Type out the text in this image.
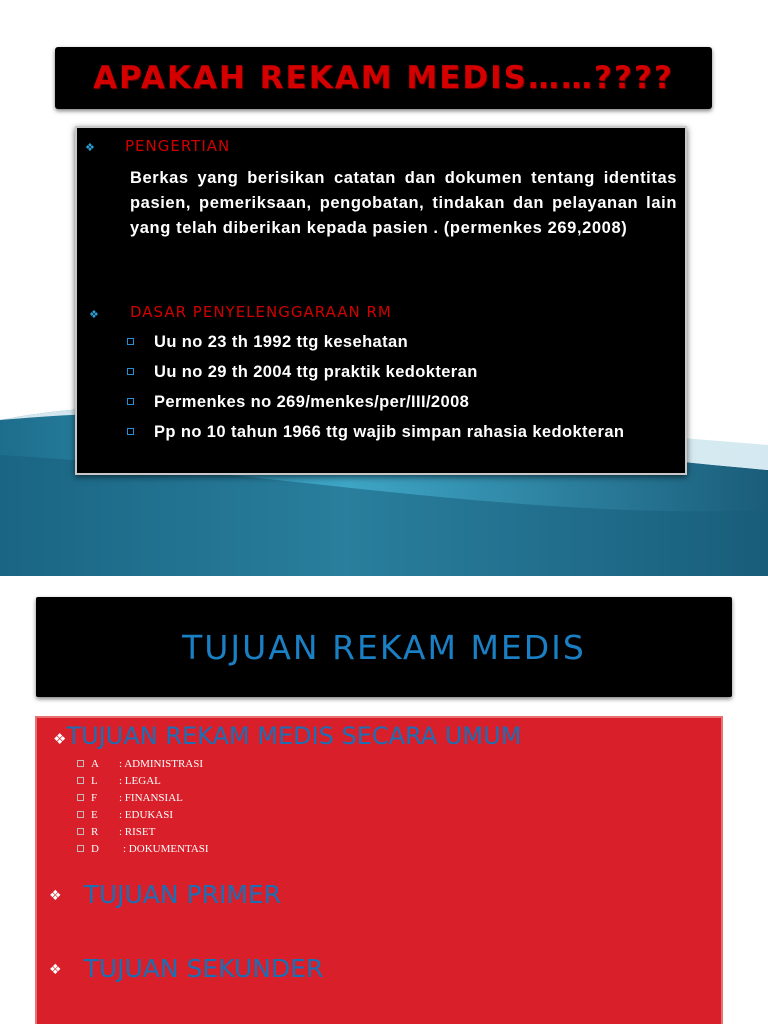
APAKAH REKAM MEDIS……????
❖ PENGERTIAN
Berkas yang berisikan catatan dan dokumen tentang identitas pasien, pemeriksaan, pengobatan, tindakan dan pelayanan lain yang telah diberikan kepada pasien . (permenkes 269,2008)
❖ DASAR PENYELENGGARAAN RM
Uu no 23 th 1992 ttg kesehatan
Uu no 29 th 2004 ttg praktik kedokteran
Permenkes no 269/menkes/per/III/2008
Pp no 10 tahun 1966 ttg wajib simpan rahasia kedokteran
TUJUAN REKAM MEDIS
❖TUJUAN REKAM MEDIS SECARA UMUM
A : ADMINISTRASI
L : LEGAL
F : FINANSIAL
E : EDUKASI
R : RISET
D : DOKUMENTASI
❖ TUJUAN PRIMER
❖ TUJUAN SEKUNDER
